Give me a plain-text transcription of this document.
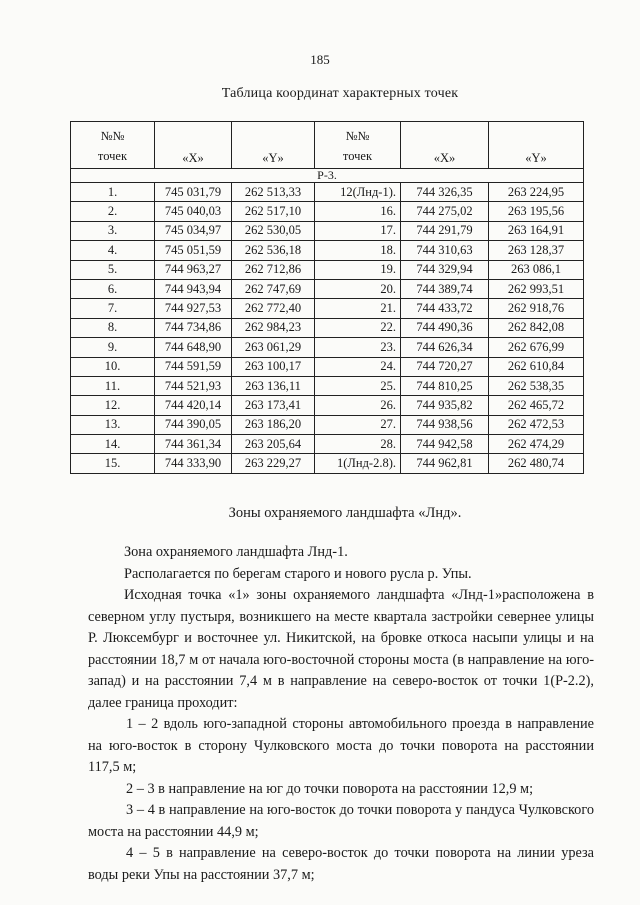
185
Таблица координат характерных точек
№№
точек	«X»	«Y»	№№
точек	«X»	«Y»
Р-3.					
1.	745 031,79	262 513,33	12(Лнд-1).	744 326,35	263 224,95
2.	745 040,03	262 517,10	16.	744 275,02	263 195,56
3.	745 034,97	262 530,05	17.	744 291,79	263 164,91
4.	745 051,59	262 536,18	18.	744 310,63	263 128,37
5.	744 963,27	262 712,86	19.	744 329,94	263 086,1
6.	744 943,94	262 747,69	20.	744 389,74	262 993,51
7.	744 927,53	262 772,40	21.	744 433,72	262 918,76
8.	744 734,86	262 984,23	22.	744 490,36	262 842,08
9.	744 648,90	263 061,29	23.	744 626,34	262 676,99
10.	744 591,59	263 100,17	24.	744 720,27	262 610,84
11.	744 521,93	263 136,11	25.	744 810,25	262 538,35
12.	744 420,14	263 173,41	26.	744 935,82	262 465,72
13.	744 390,05	263 186,20	27.	744 938,56	262 472,53
14.	744 361,34	263 205,64	28.	744 942,58	262 474,29
15.	744 333,90	263 229,27	1(Лнд-2.8).	744 962,81	262 480,74
Зоны охраняемого ландшафта «Лнд».

Зона охраняемого ландшафта Лнд-1.

Располагается по берегам старого и нового русла р. Упы.

Исходная точка «1» зоны охраняемого ландшафта «Лнд-1»расположена в северном углу пустыря, возникшего на месте квартала застройки севернее улицы Р. Люксембург и восточнее ул. Никитской, на бровке откоса насыпи улицы и на расстоянии 18,7 м от начала юго-восточной стороны моста (в направление на юго-запад) и на расстоянии 7,4 м в направление на северо-восток от точки 1(Р-2.2), далее граница проходит:

1 – 2 вдоль юго-западной стороны автомобильного проезда в направление на юго-восток в сторону Чулковского моста до точки поворота на расстоянии 117,5 м;

2 – 3 в направление на юг до точки поворота на расстоянии 12,9 м;

3 – 4 в направление на юго-восток до точки поворота у пандуса Чулковского моста на расстоянии 44,9 м;

4 – 5 в направление на северо-восток до точки поворота на линии уреза воды реки Упы на расстоянии 37,7 м;
